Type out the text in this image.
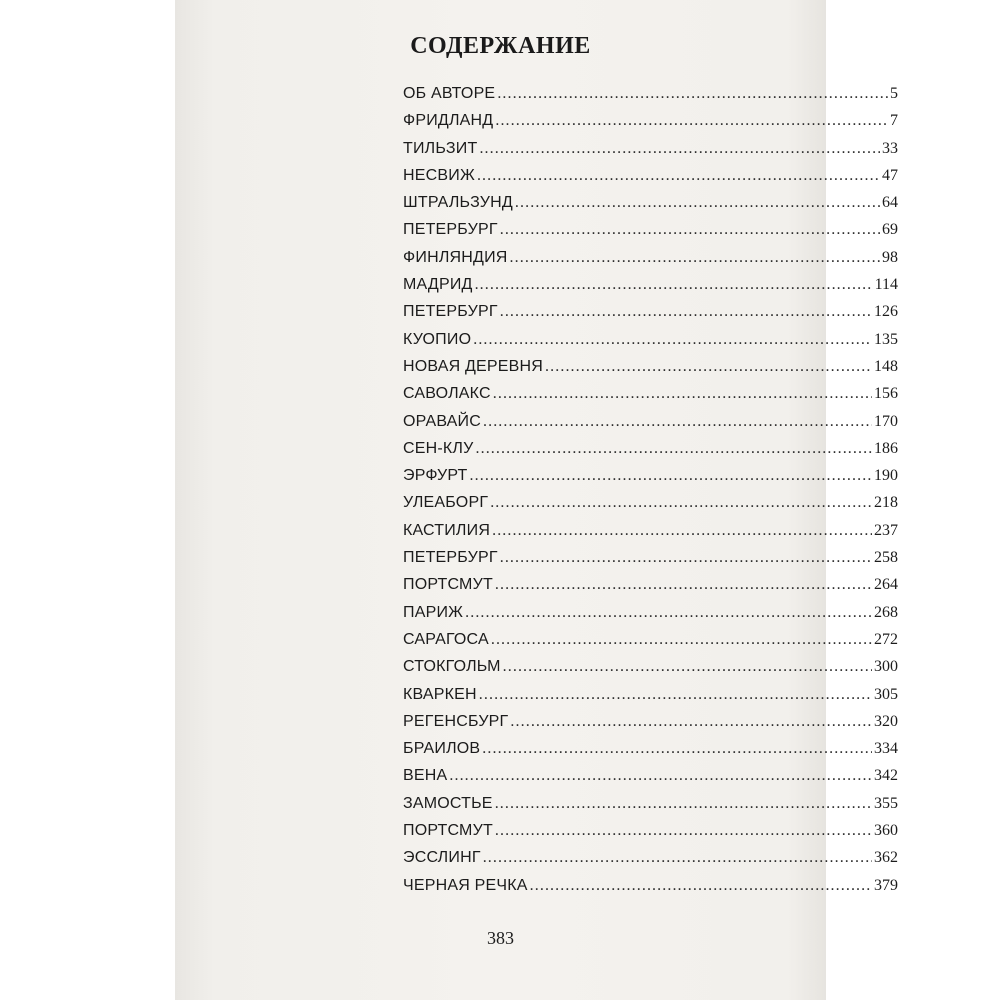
СОДЕРЖАНИЕ
ОБ АВТОРЕ .....	5
ФРИДЛАНД .....	7
ТИЛЬЗИТ .....	33
НЕСВИЖ .....	47
ШТРАЛЬЗУНД .....	64
ПЕТЕРБУРГ .....	69
ФИНЛЯНДИЯ .....	98
МАДРИД .....	114
ПЕТЕРБУРГ .....	126
КУОПИО .....	135
НОВАЯ ДЕРЕВНЯ .....	148
САВОЛАКС .....	156
ОРАВАЙС .....	170
СЕН-КЛУ .....	186
ЭРФУРТ .....	190
УЛЕАБОРГ .....	218
КАСТИЛИЯ .....	237
ПЕТЕРБУРГ .....	258
ПОРТСМУТ .....	264
ПАРИЖ .....	268
САРАГОСА .....	272
СТОКГОЛЬМ .....	300
КВАРКЕН .....	305
РЕГЕНСБУРГ .....	320
БРАИЛОВ .....	334
ВЕНА .....	342
ЗАМОСТЬЕ .....	355
ПОРТСМУТ .....	360
ЭССЛИНГ .....	362
ЧЕРНАЯ РЕЧКА .....	379
383
